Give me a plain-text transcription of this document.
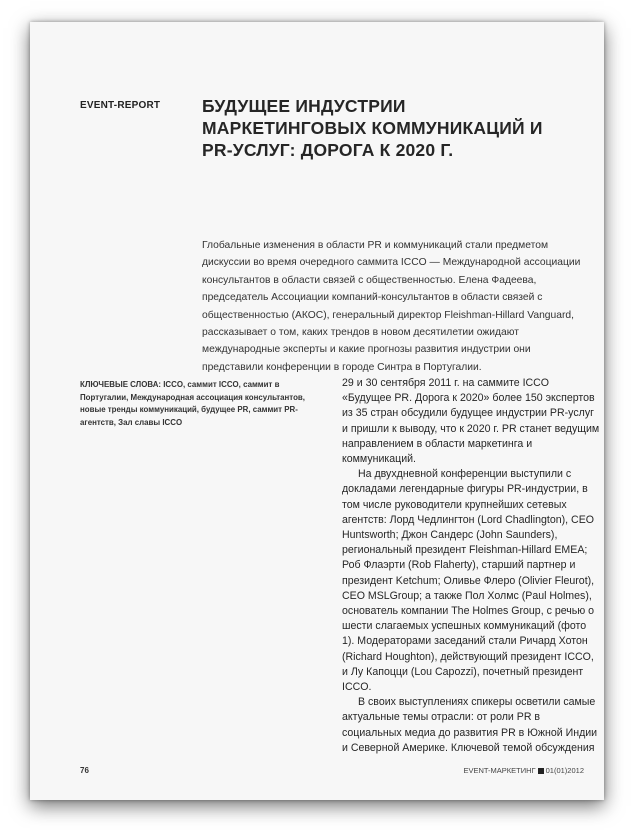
EVENT-REPORT БУДУЩЕЕ ИНДУСТРИИ МАРКЕТИНГОВЫХ КОММУНИКАЦИЙ И PR-УСЛУГ: ДОРОГА К 2020 Г.
Глобальные изменения в области PR и коммуникаций стали предметом дискуссии во время очередного саммита ICCO — Международной ассоциации консультантов в области связей с общественностью. Елена Фадеева, председатель Ассоциации компаний-консультантов в области связей с общественностью (АКОС), генеральный директор Fleishman-Hillard Vanguard, рассказывает о том, каких трендов в новом десятилетии ожидают международные эксперты и какие прогнозы развития индустрии они представили конференции в городе Синтра в Португалии.
КЛЮЧЕВЫЕ СЛОВА: ICCO, саммит ICCO, саммит в Португалии, Международная ассоциация консультантов, новые тренды коммуникаций, будущее PR, саммит PR-агентств, Зал славы ICCO

29 и 30 сентября 2011 г. на саммите ICCO «Будущее PR. Дорога к 2020» более 150 экспертов из 35 стран обсудили будущее индустрии PR-услуг и пришли к выводу, что к 2020 г. PR станет ведущим направлением в области маркетинга и коммуникаций.

На двухдневной конференции выступили с докладами легендарные фигуры PR-индустрии, в том числе руководители крупнейших сетевых агентств: Лорд Чедлингтон (Lord Chadlington), CEO Huntsworth; Джон Сандерс (John Saunders), региональный президент Fleishman-Hillard EMEA; Роб Флаэрти (Rob Flaherty), старший партнер и президент Ketchum; Оливье Флеро (Olivier Fleurot), CEO MSLGroup; а также Пол Холмс (Paul Holmes), основатель компании The Holmes Group, с речью о шести слагаемых успешных коммуникаций (фото 1). Модераторами заседаний стали Ричард Хотон (Richard Houghton), действующий президент ICCO, и Лу Капоцци (Lou Capozzi), почетный президент ICCO.

В своих выступлениях спикеры осветили самые актуальные темы отрасли: от роли PR в социальных медиа до развития PR в Южной Индии и Северной Америке. Ключевой темой обсуждения

76	EVENT-МАРКЕТИНГ 01(01)2012
